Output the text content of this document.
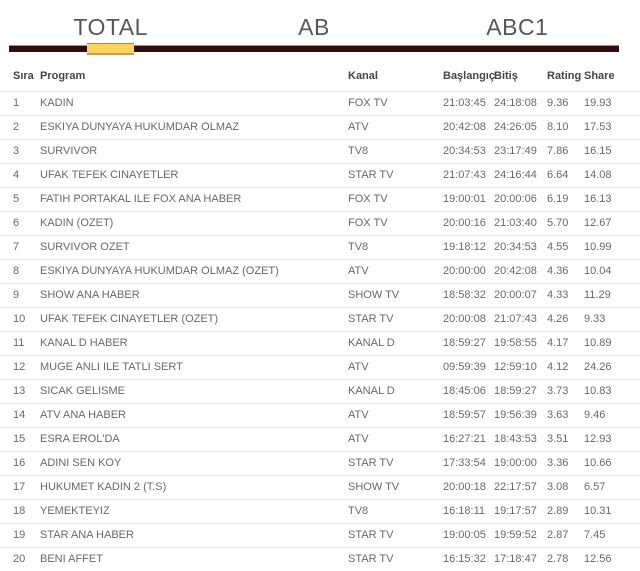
TOTAL	AB	ABC1
Sıra Program	Kanal	Başlangıç Bitiş	Rating Share
1	KADIN	FOX TV	21:03:45 24:18:08 9.36	19.93
2	ESKIYA DUNYAYA HUKUMDAR OLMAZ	ATV	20:42:08 24:26:05 8.10	17.53
3	SURVIVOR	TV8	20:34:53 23:17:49 7.86	16.15
4	UFAK TEFEK CINAYETLER	STAR TV	21:07:43 24:16:44 6.64	14.08
5	FATIH PORTAKAL ILE FOX ANA HABER	FOX TV	19:00:01 20:00:06 6.19	16.13
6	KADIN (OZET)	FOX TV	20:00:16 21:03:40 5.70	12.67
7	SURVIVOR OZET	TV8	19:18:12 20:34:53 4.55	10.99
8	ESKIYA DUNYAYA HUKUMDAR OLMAZ (OZET)	ATV	20:00:00 20:42:08 4.36	10.04
9	SHOW ANA HABER	SHOW TV	18:58:32 20:00:07 4.33	11.29
10	UFAK TEFEK CINAYETLER (OZET)	STAR TV	20:00:08 21:07:43 4.26	9.33
11	KANAL D HABER	KANAL D	18:59:27 19:58:55 4.17	10.89
12	MUGE ANLI ILE TATLI SERT	ATV	09:59:39 12:59:10 4.12	24.26
13	SICAK GELISME	KANAL D	18:45:06 18:59:27 3.73	10.83
14	ATV ANA HABER	ATV	18:59:57 19:56:39 3.63	9.46
15	ESRA EROL'DA	ATV	16:27:21 18:43:53 3.51	12.93
16	ADINI SEN KOY	STAR TV	17:33:54 19:00:00 3.36	10.66
17	HUKUMET KADIN 2 (T.S)	SHOW TV	20:00:18 22:17:57 3.08	6.57
18	YEMEKTEYIZ	TV8	16:18:11 19:17:57 2.89	10.31
19	STAR ANA HABER	STAR TV	19:00:05 19:59:52 2.87	7.45
20	BENI AFFET	STAR TV	16:15:32 17:18:47 2.78	12.56
